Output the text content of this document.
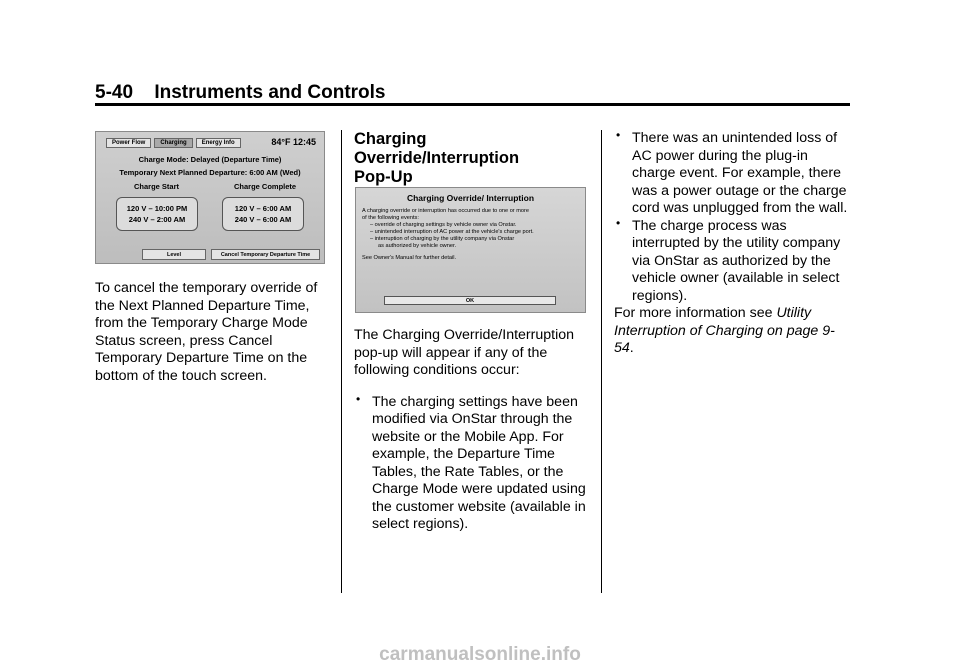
5-40 Instruments and Controls
Power Flow	Charging	Energy Info	84°F 12:45
Charge Mode: Delayed (Departure Time)
Temporary Next Planned Departure: 6:00 AM (Wed)
Charge Start	Charge Complete
120 V – 10:00 PM
240 V – 2:00 AM
120 V – 6:00 AM
240 V – 6:00 AM
Level	Cancel Temporary Departure Time

To cancel the temporary override of the Next Planned Departure Time, from the Temporary Charge Mode Status screen, press Cancel Temporary Departure Time on the bottom of the touch screen.

Charging Override/Interruption
Pop-Up

Charging Override/ Interruption
A charging override or interruption has occurred due to one or more
of the following events:
– override of charging settings by vehicle owner via Onstar.
– unintended interruption of AC power at the vehicle's charge port.
– interruption of charging by the utility company via Onstar
as authorized by vehicle owner.
See Owner's Manual for further detail.
OK

The Charging Override/Interruption pop-up will appear if any of the following conditions occur:

• The charging settings have been modified via OnStar through the website or the Mobile App. For example, the Departure Time Tables, the Rate Tables, or the Charge Mode were updated using the customer website (available in select regions).

• There was an unintended loss of AC power during the plug-in charge event. For example, there was a power outage or the charge cord was unplugged from the wall.

• The charge process was interrupted by the utility company via OnStar as authorized by the vehicle owner (available in select regions).

For more information see Utility Interruption of Charging on page 9-54.

carmanualsonline.info
